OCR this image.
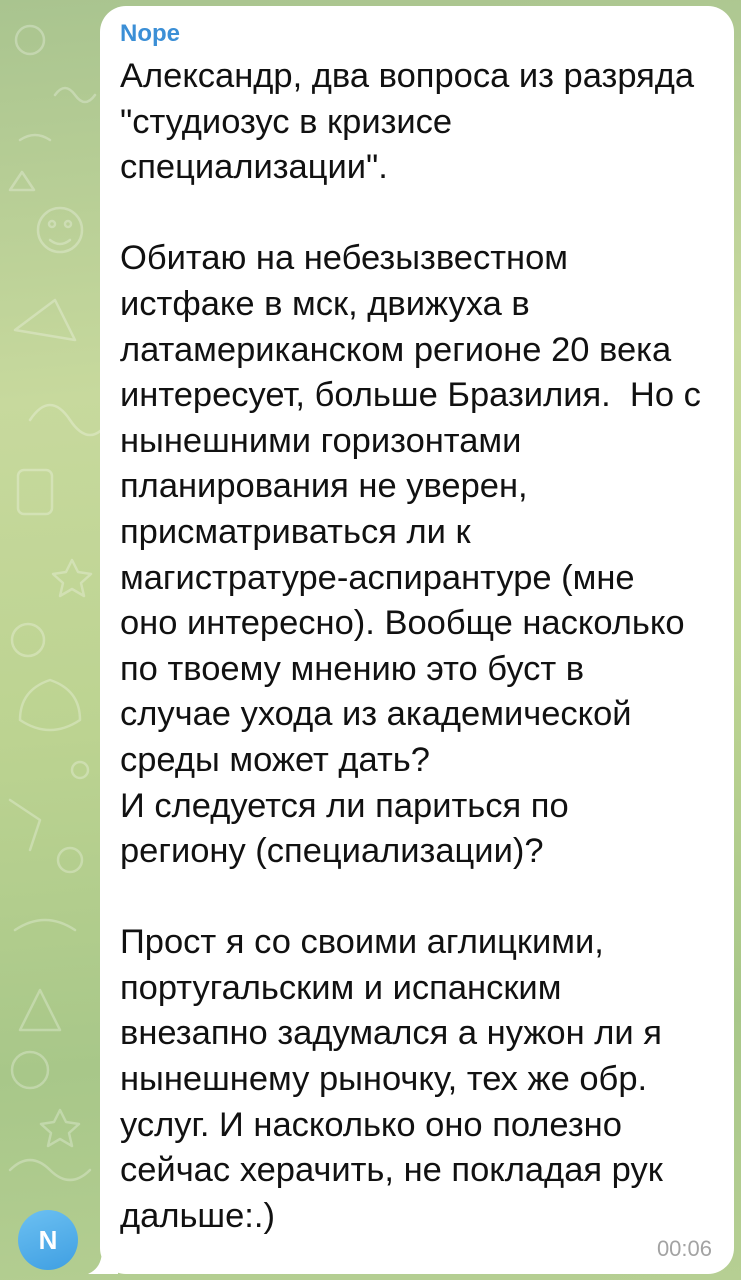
Nope
Александр, два вопроса из разряда
"студиозус в кризисе
специализации".

Обитаю на небезызвестном
истфаке в мск, движуха в
латамериканском регионе 20 века
интересует, больше Бразилия.  Но с
нынешними горизонтами
планирования не уверен,
присматриваться ли к
магистратуре-аспирантуре (мне
оно интересно). Вообще насколько
по твоему мнению это буст в
случае ухода из академической
среды может дать?
И следуется ли париться по
региону (специализации)?

Прост я со своими аглицкими,
португальским и испанским
внезапно задумался а нужон ли я
нынешнему рыночку, тех же обр.
услуг. И насколько оно полезно
сейчас херачить, не покладая рук
дальше:.)
00:06
N
